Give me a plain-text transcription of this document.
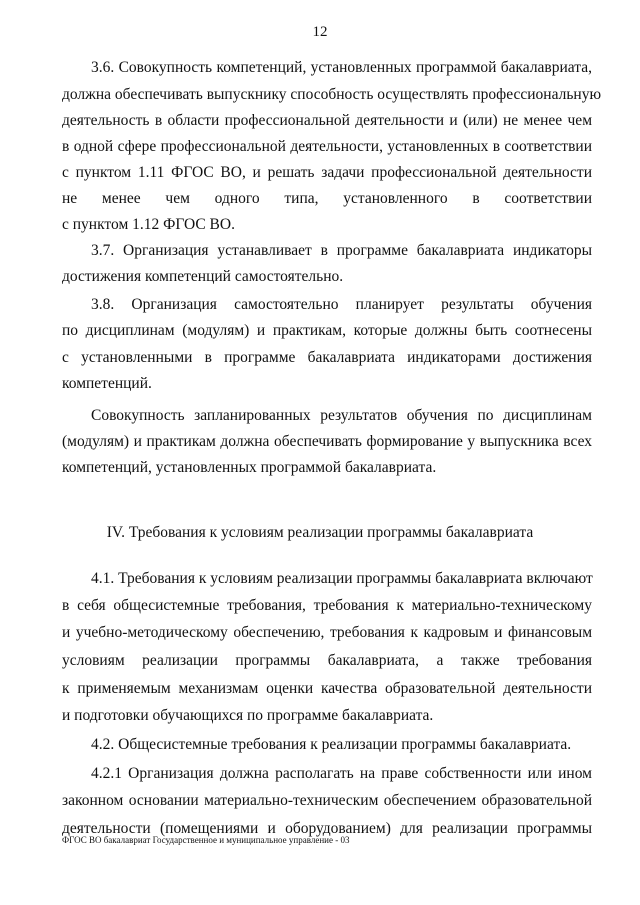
12
3.6. Совокупность компетенций, установленных программой бакалавриата,
должна обеспечивать выпускнику способность осуществлять профессиональную
деятельность в области профессиональной деятельности и (или) не менее чем
в одной сфере профессиональной деятельности, установленных в соответствии
с пунктом 1.11 ФГОС ВО, и решать задачи профессиональной деятельности
не менее чем одного типа, установленного в соответствии
с пунктом 1.12 ФГОС ВО.
3.7. Организация устанавливает в программе бакалавриата индикаторы
достижения компетенций самостоятельно.
3.8. Организация самостоятельно планирует результаты обучения
по дисциплинам (модулям) и практикам, которые должны быть соотнесены
с установленными в программе бакалавриата индикаторами достижения
компетенций.
Совокупность запланированных результатов обучения по дисциплинам
(модулям) и практикам должна обеспечивать формирование у выпускника всех
компетенций, установленных программой бакалавриата.
4.1. Требования к условиям реализации программы бакалавриата включают
в себя общесистемные требования, требования к материально-техническому
и учебно-методическому обеспечению, требования к кадровым и финансовым
условиям реализации программы бакалавриата, а также требования
к применяемым механизмам оценки качества образовательной деятельности
и подготовки обучающихся по программе бакалавриата.
4.2. Общесистемные требования к реализации программы бакалавриата.
4.2.1 Организация должна располагать на праве собственности или ином
законном основании материально-техническим обеспечением образовательной
деятельности (помещениями и оборудованием) для реализации программы
IV. Требования к условиям реализации программы бакалавриата
ФГОС ВО бакалавриат Государственное и муниципальное управление - 03
